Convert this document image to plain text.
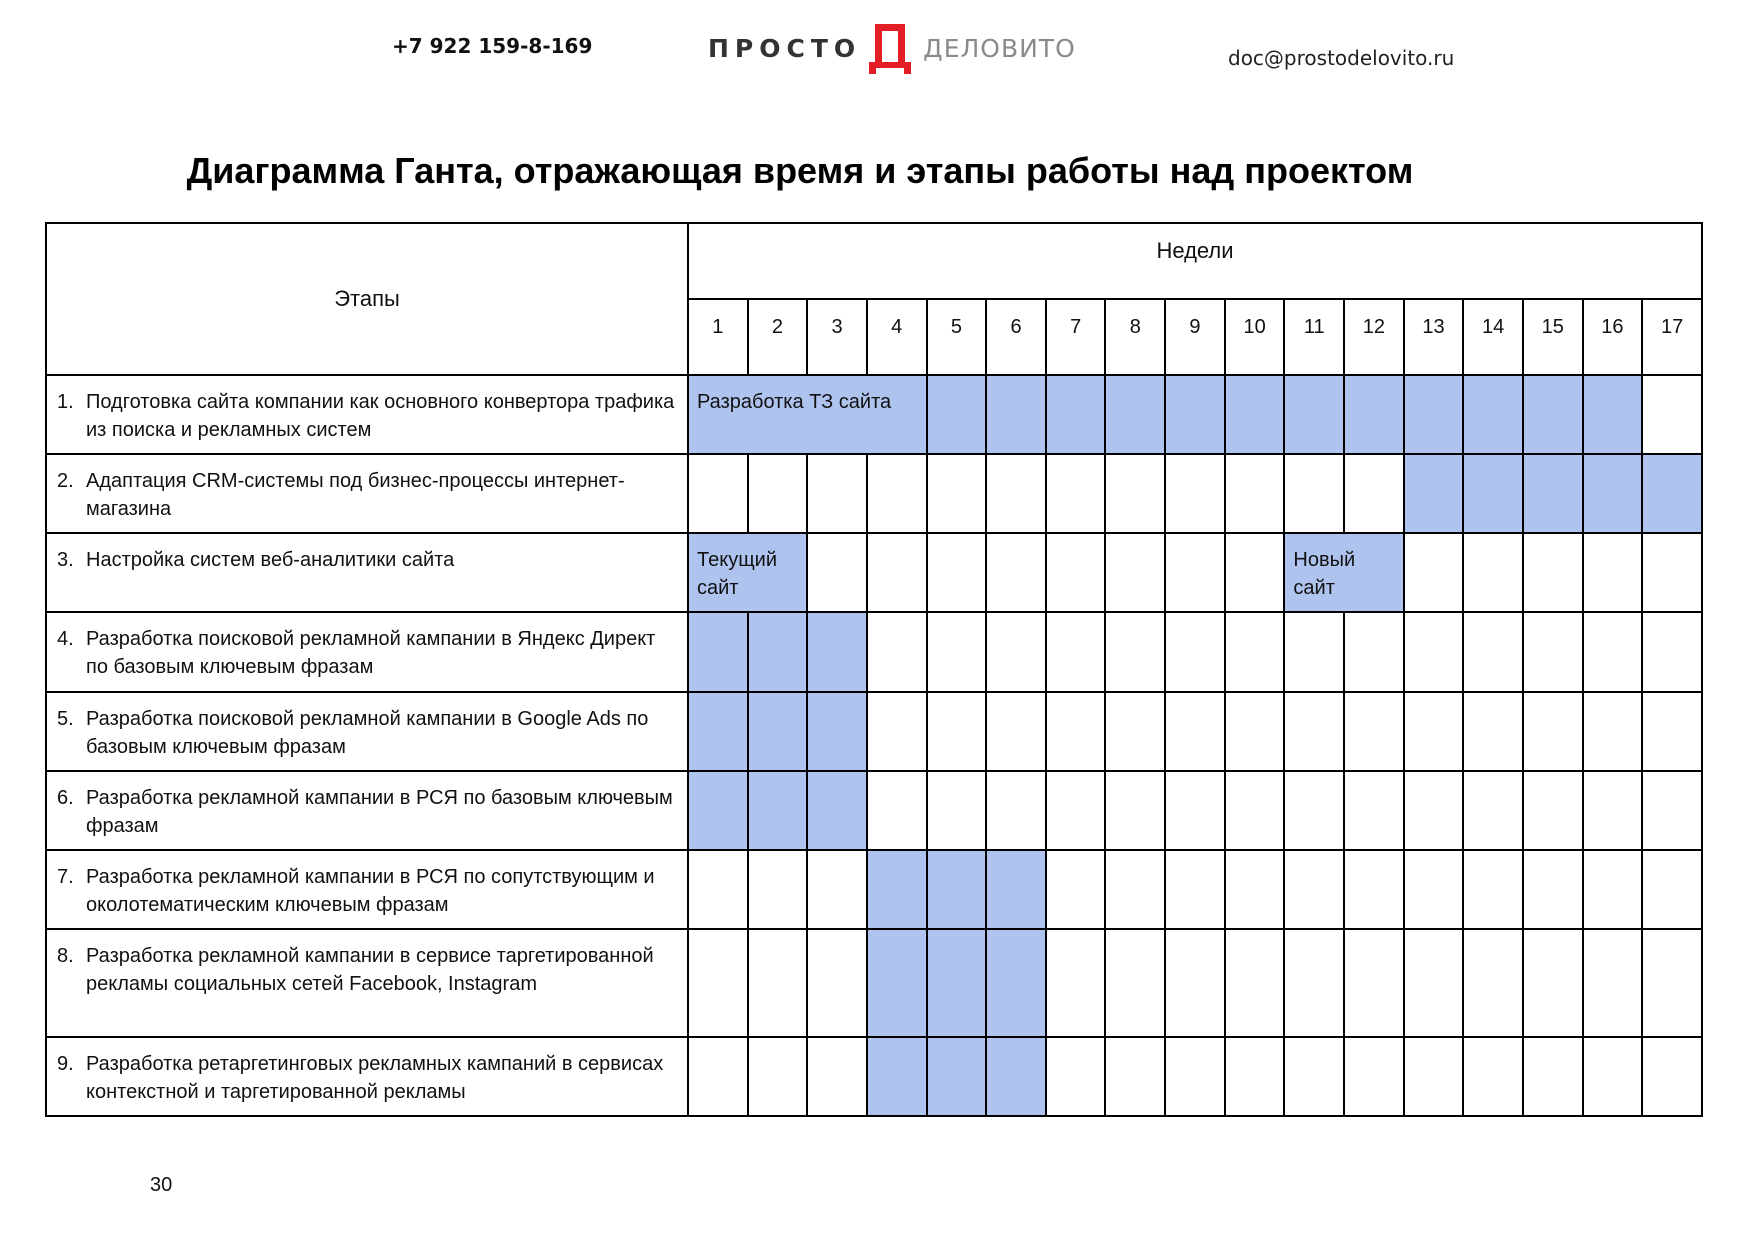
+7 922 159-8-169	ПРОСТО ДЕЛОВИТО	doc@prostodelovito.ru
Диаграмма Ганта, отражающая время и этапы работы над проектом
Этапы	Недели																
	1	2	3	4	5	6	7	8	9	10	11	12	13	14	15	16	17

1. Подготовка сайта компании как основного конвертора трафика из поиска и рекламных систем	Разработка ТЗ сайта																

2. Адаптация CRM-системы под бизнес-процессы интернет-магазина																	

3. Настройка систем веб-аналитики сайта	Текущий сайт										Новый сайт						

4. Разработка поисковой рекламной кампании в Яндекс Директ по базовым ключевым фразам																	

5. Разработка поисковой рекламной кампании в Google Ads по базовым ключевым фразам																	

6. Разработка рекламной кампании в РСЯ по базовым ключевым фразам																	

7. Разработка рекламной кампании в РСЯ по сопутствующим и околотематическим ключевым фразам																	

8. Разработка рекламной кампании в сервисе таргетированной рекламы социальных сетей Facebook, Instagram																	

9. Разработка ретаргетинговых рекламных кампаний в сервисах контекстной и таргетированной рекламы																	

30
